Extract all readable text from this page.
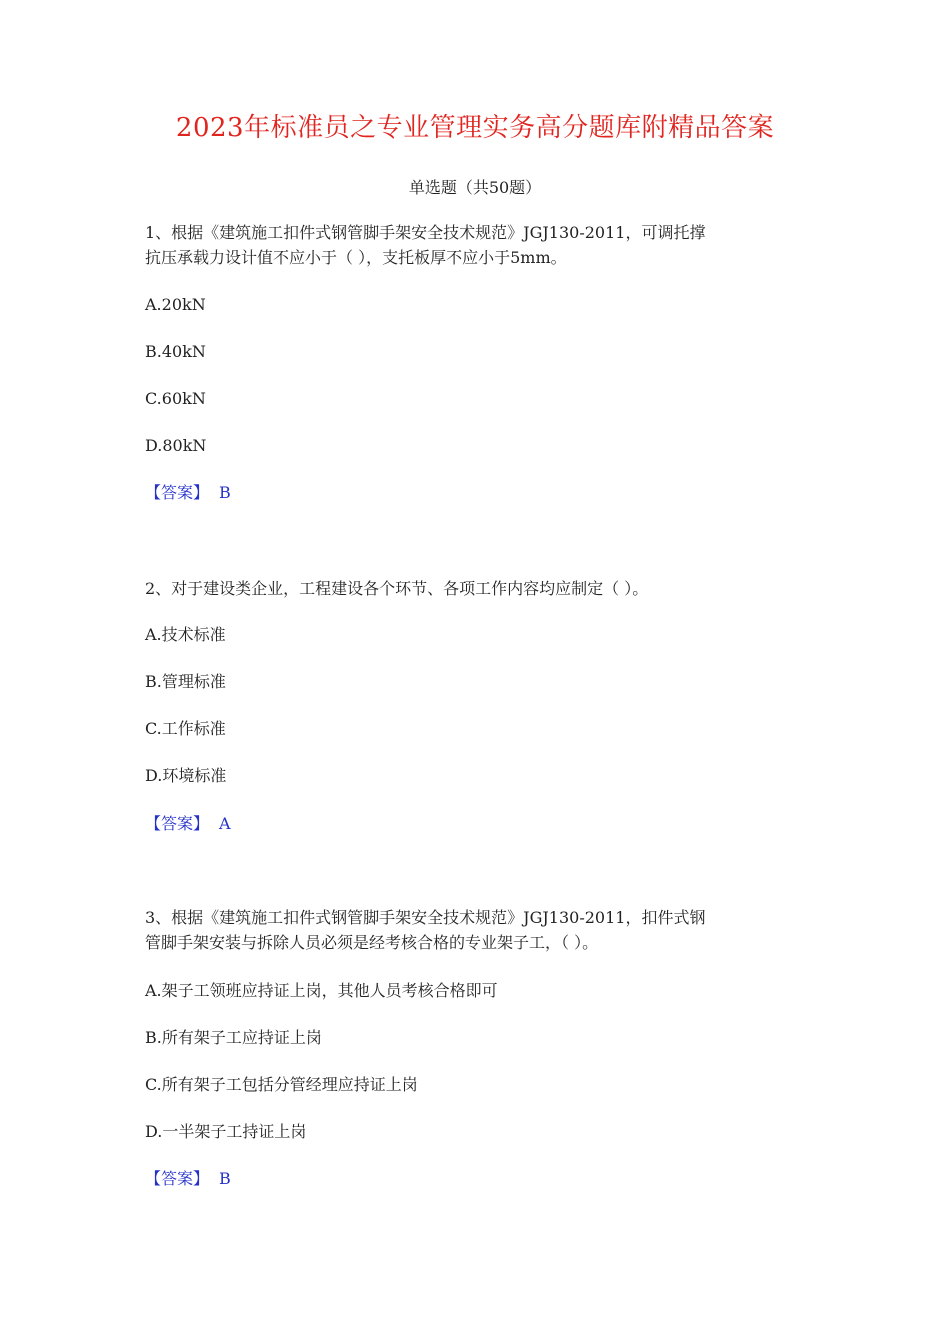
2023年标准员之专业管理实务高分题库附精品答案
单选题（共50题）
1、根据《建筑施工扣件式钢管脚手架安全技术规范》JGJ130-2011，可调托撑
抗压承载力设计值不应小于（ ），支托板厚不应小于5mm。
A.20kN
B.40kN
C.60kN
D.80kN
【答案】 B
2、对于建设类企业，工程建设各个环节、各项工作内容均应制定（ ）。
A.技术标准
B.管理标准
C.工作标准
D.环境标准
【答案】 A
3、根据《建筑施工扣件式钢管脚手架安全技术规范》JGJ130-2011，扣件式钢
管脚手架安装与拆除人员必须是经考核合格的专业架子工，（ ）。
A.架子工领班应持证上岗，其他人员考核合格即可
B.所有架子工应持证上岗
C.所有架子工包括分管经理应持证上岗
D.一半架子工持证上岗
【答案】 B
